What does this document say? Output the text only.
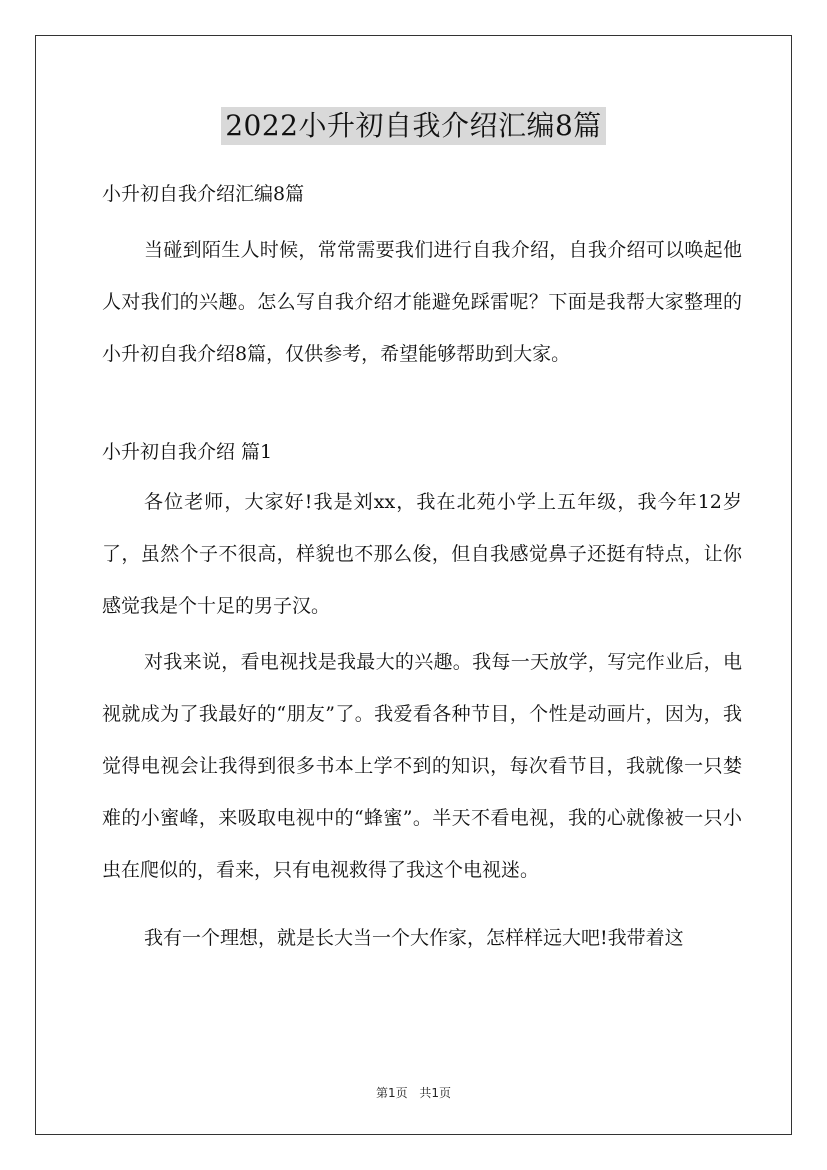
2022小升初自我介绍汇编8篇

小升初自我介绍汇编8篇

当碰到陌生人时候，常常需要我们进行自我介绍，自我介绍可以唤起他人对我们的兴趣。怎么写自我介绍才能避免踩雷呢？下面是我帮大家整理的小升初自我介绍8篇，仅供参考，希望能够帮助到大家。

小升初自我介绍 篇1

各位老师，大家好!我是刘xx，我在北苑小学上五年级，我今年12岁了，虽然个子不很高，样貌也不那么俊，但自我感觉鼻子还挺有特点，让你感觉我是个十足的男子汉。

对我来说，看电视找是我最大的兴趣。我每一天放学，写完作业后，电视就成为了我最好的“朋友”了。我爱看各种节目，个性是动画片，因为，我觉得电视会让我得到很多书本上学不到的知识，每次看节目，我就像一只婪难的小蜜峰，来吸取电视中的“蜂蜜”。半天不看电视，我的心就像被一只小虫在爬似的，看来，只有电视救得了我这个电视迷。

我有一个理想，就是长大当一个大作家，怎样样远大吧!我带着这

第1页 共1页
